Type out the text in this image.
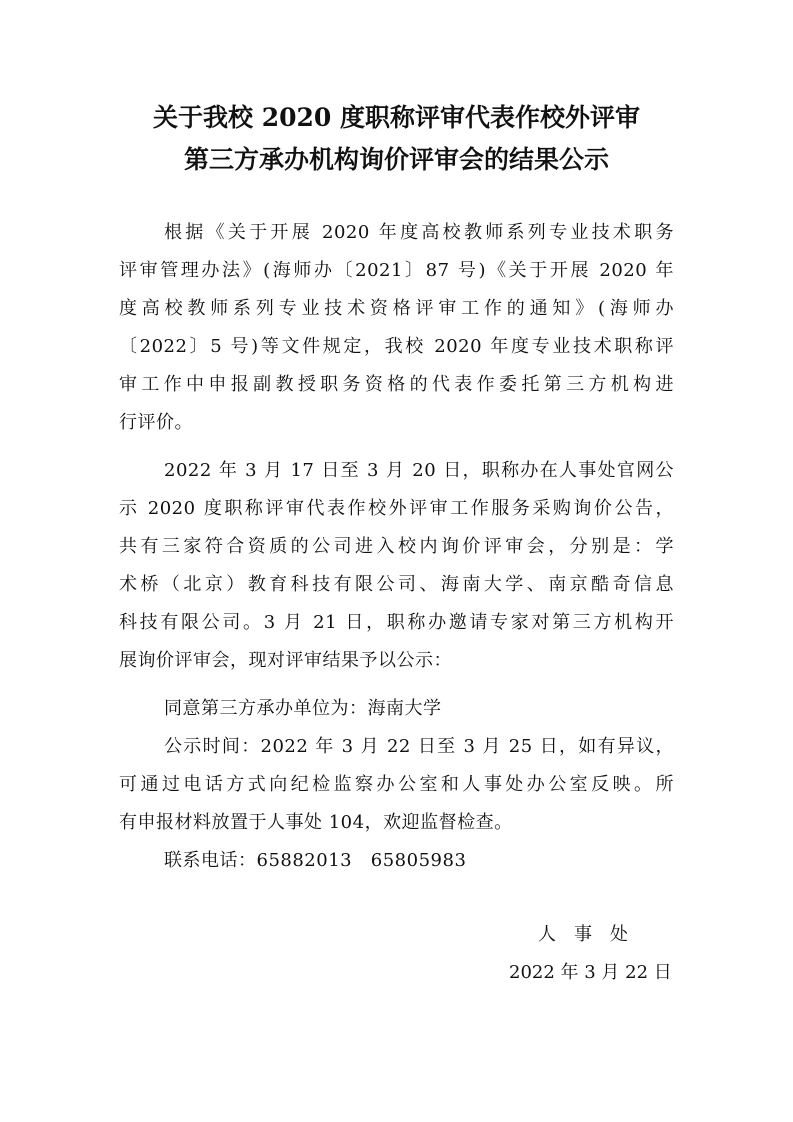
关于我校 2020 度职称评审代表作校外评审
第三方承办机构询价评审会的结果公示

根据《关于开展 2020 年度高校教师系列专业技术职务

评审管理办法》(海师办〔2021〕87 号)《关于开展 2020 年

度高校教师系列专业技术资格评审工作的通知》(海师办

〔2022〕5 号)等文件规定，我校 2020 年度专业技术职称评

审工作中申报副教授职务资格的代表作委托第三方机构进

行评价。

2022 年 3 月 17 日至 3 月 20 日，职称办在人事处官网公

示 2020 度职称评审代表作校外评审工作服务采购询价公告，

共有三家符合资质的公司进入校内询价评审会，分别是：学

术桥（北京）教育科技有限公司、海南大学、南京酷奇信息

科技有限公司。3 月 21 日，职称办邀请专家对第三方机构开

展询价评审会，现对评审结果予以公示：

同意第三方承办单位为：海南大学

公示时间：2022 年 3 月 22 日至 3 月 25 日，如有异议，

可通过电话方式向纪检监察办公室和人事处办公室反映。所

有申报材料放置于人事处 104，欢迎监督检查。

联系电话：65882013   65805983

人　事　处
2022 年 3 月 22 日
